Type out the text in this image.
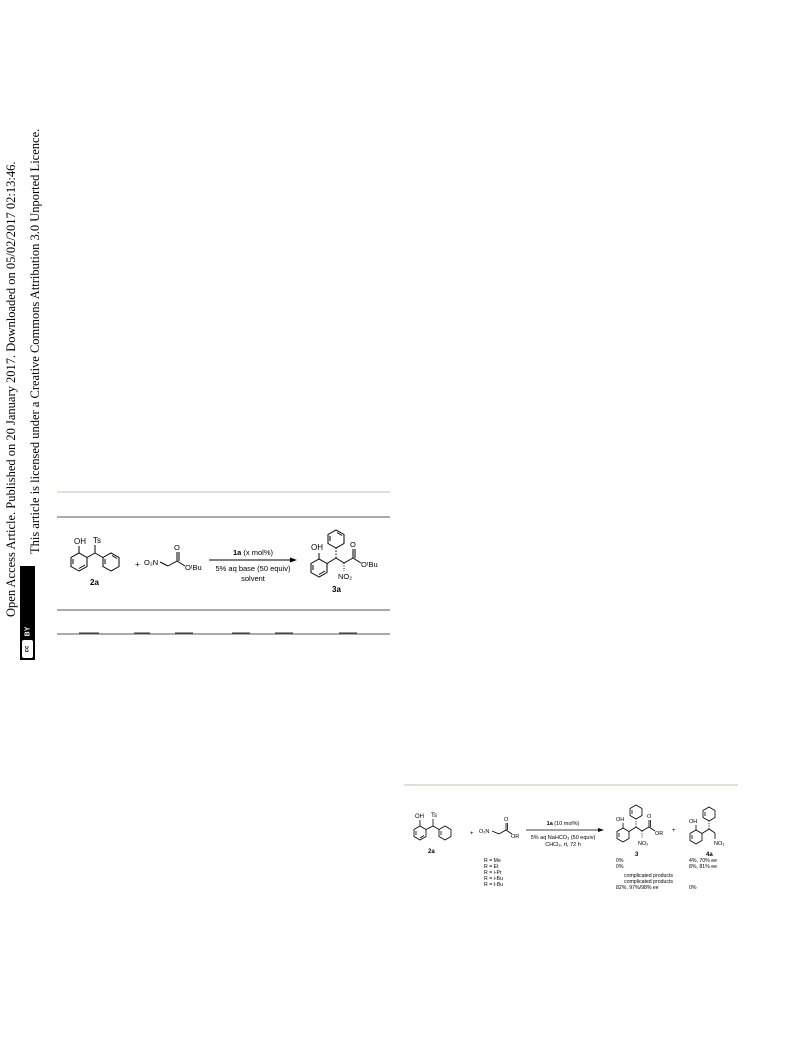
Open Access Article. Published on 20 January 2017. Downloaded on 05/02/2017 02:13:46. This article is licensed under a Creative Commons Attribution 3.0 Unported Licence.
BY
cc
OH Ts
2a
+ O₂N
O
OᵗBu
1a (x mol%)
5% aq base (50 equiv)
solvent
OH	O
OᵗBu
NO₂
3a
OH Ts
2a
+ O₂N
O
OR
1a (10 mol%)
5% aq NaHCO₃ (50 equiv)
CHCl₃, rt, 72 h
OH	O
OR
NO₂
3
+
OH
NO₂
4a
R = Me
R = Et
R = i-Pr
R = i-Bu
R = t-Bu
0%
0%
complicated products
complicated products
82%, 97%/98% ee
4%, 70% ee
8%, 81% ee
0%
